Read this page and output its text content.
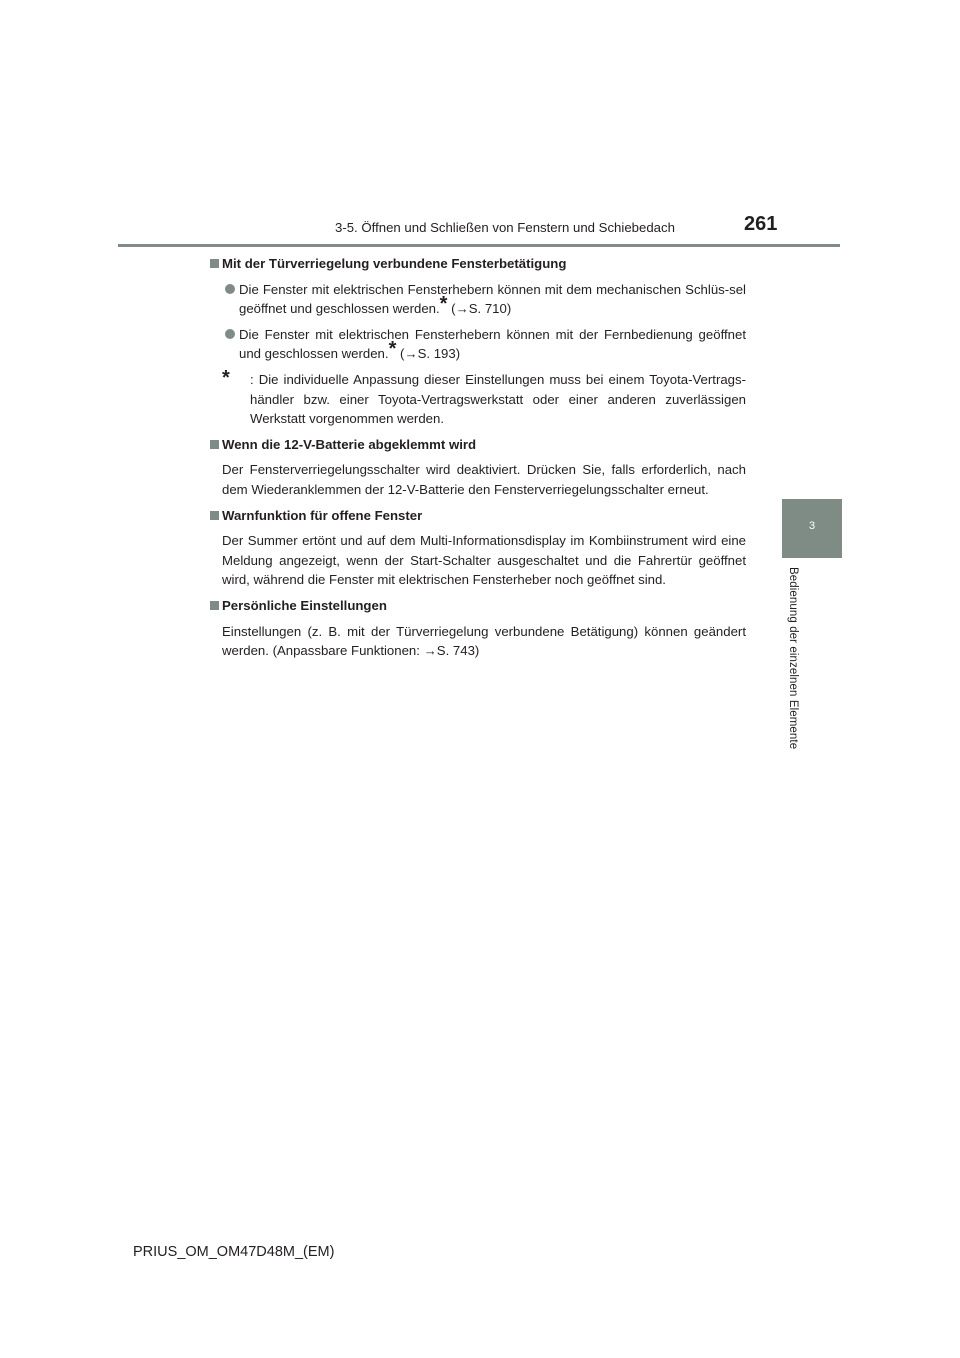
3-5. Öffnen und Schließen von Fenstern und Schiebedach	261
3
Bedienung der einzelnen Elemente
Mit der Türverriegelung verbundene Fensterbetätigung
Die Fenster mit elektrischen Fensterhebern können mit dem mechanischen Schlüs-sel geöffnet und geschlossen werden.* (→S. 710)
Die Fenster mit elektrischen Fensterhebern können mit der Fernbedienung geöffnet und geschlossen werden.* (→S. 193)
* : Die individuelle Anpassung dieser Einstellungen muss bei einem Toyota-Vertrags-händler bzw. einer Toyota-Vertragswerkstatt oder einer anderen zuverlässigen Werkstatt vorgenommen werden.
Wenn die 12-V-Batterie abgeklemmt wird
Der Fensterverriegelungsschalter wird deaktiviert. Drücken Sie, falls erforderlich, nach dem Wiederanklemmen der 12-V-Batterie den Fensterverriegelungsschalter erneut.
Warnfunktion für offene Fenster
Der Summer ertönt und auf dem Multi-Informationsdisplay im Kombiinstrument wird eine Meldung angezeigt, wenn der Start-Schalter ausgeschaltet und die Fahrertür geöffnet wird, während die Fenster mit elektrischen Fensterheber noch geöffnet sind.
Persönliche Einstellungen
Einstellungen (z. B. mit der Türverriegelung verbundene Betätigung) können geändert werden. (Anpassbare Funktionen: →S. 743)
PRIUS_OM_OM47D48M_(EM)
